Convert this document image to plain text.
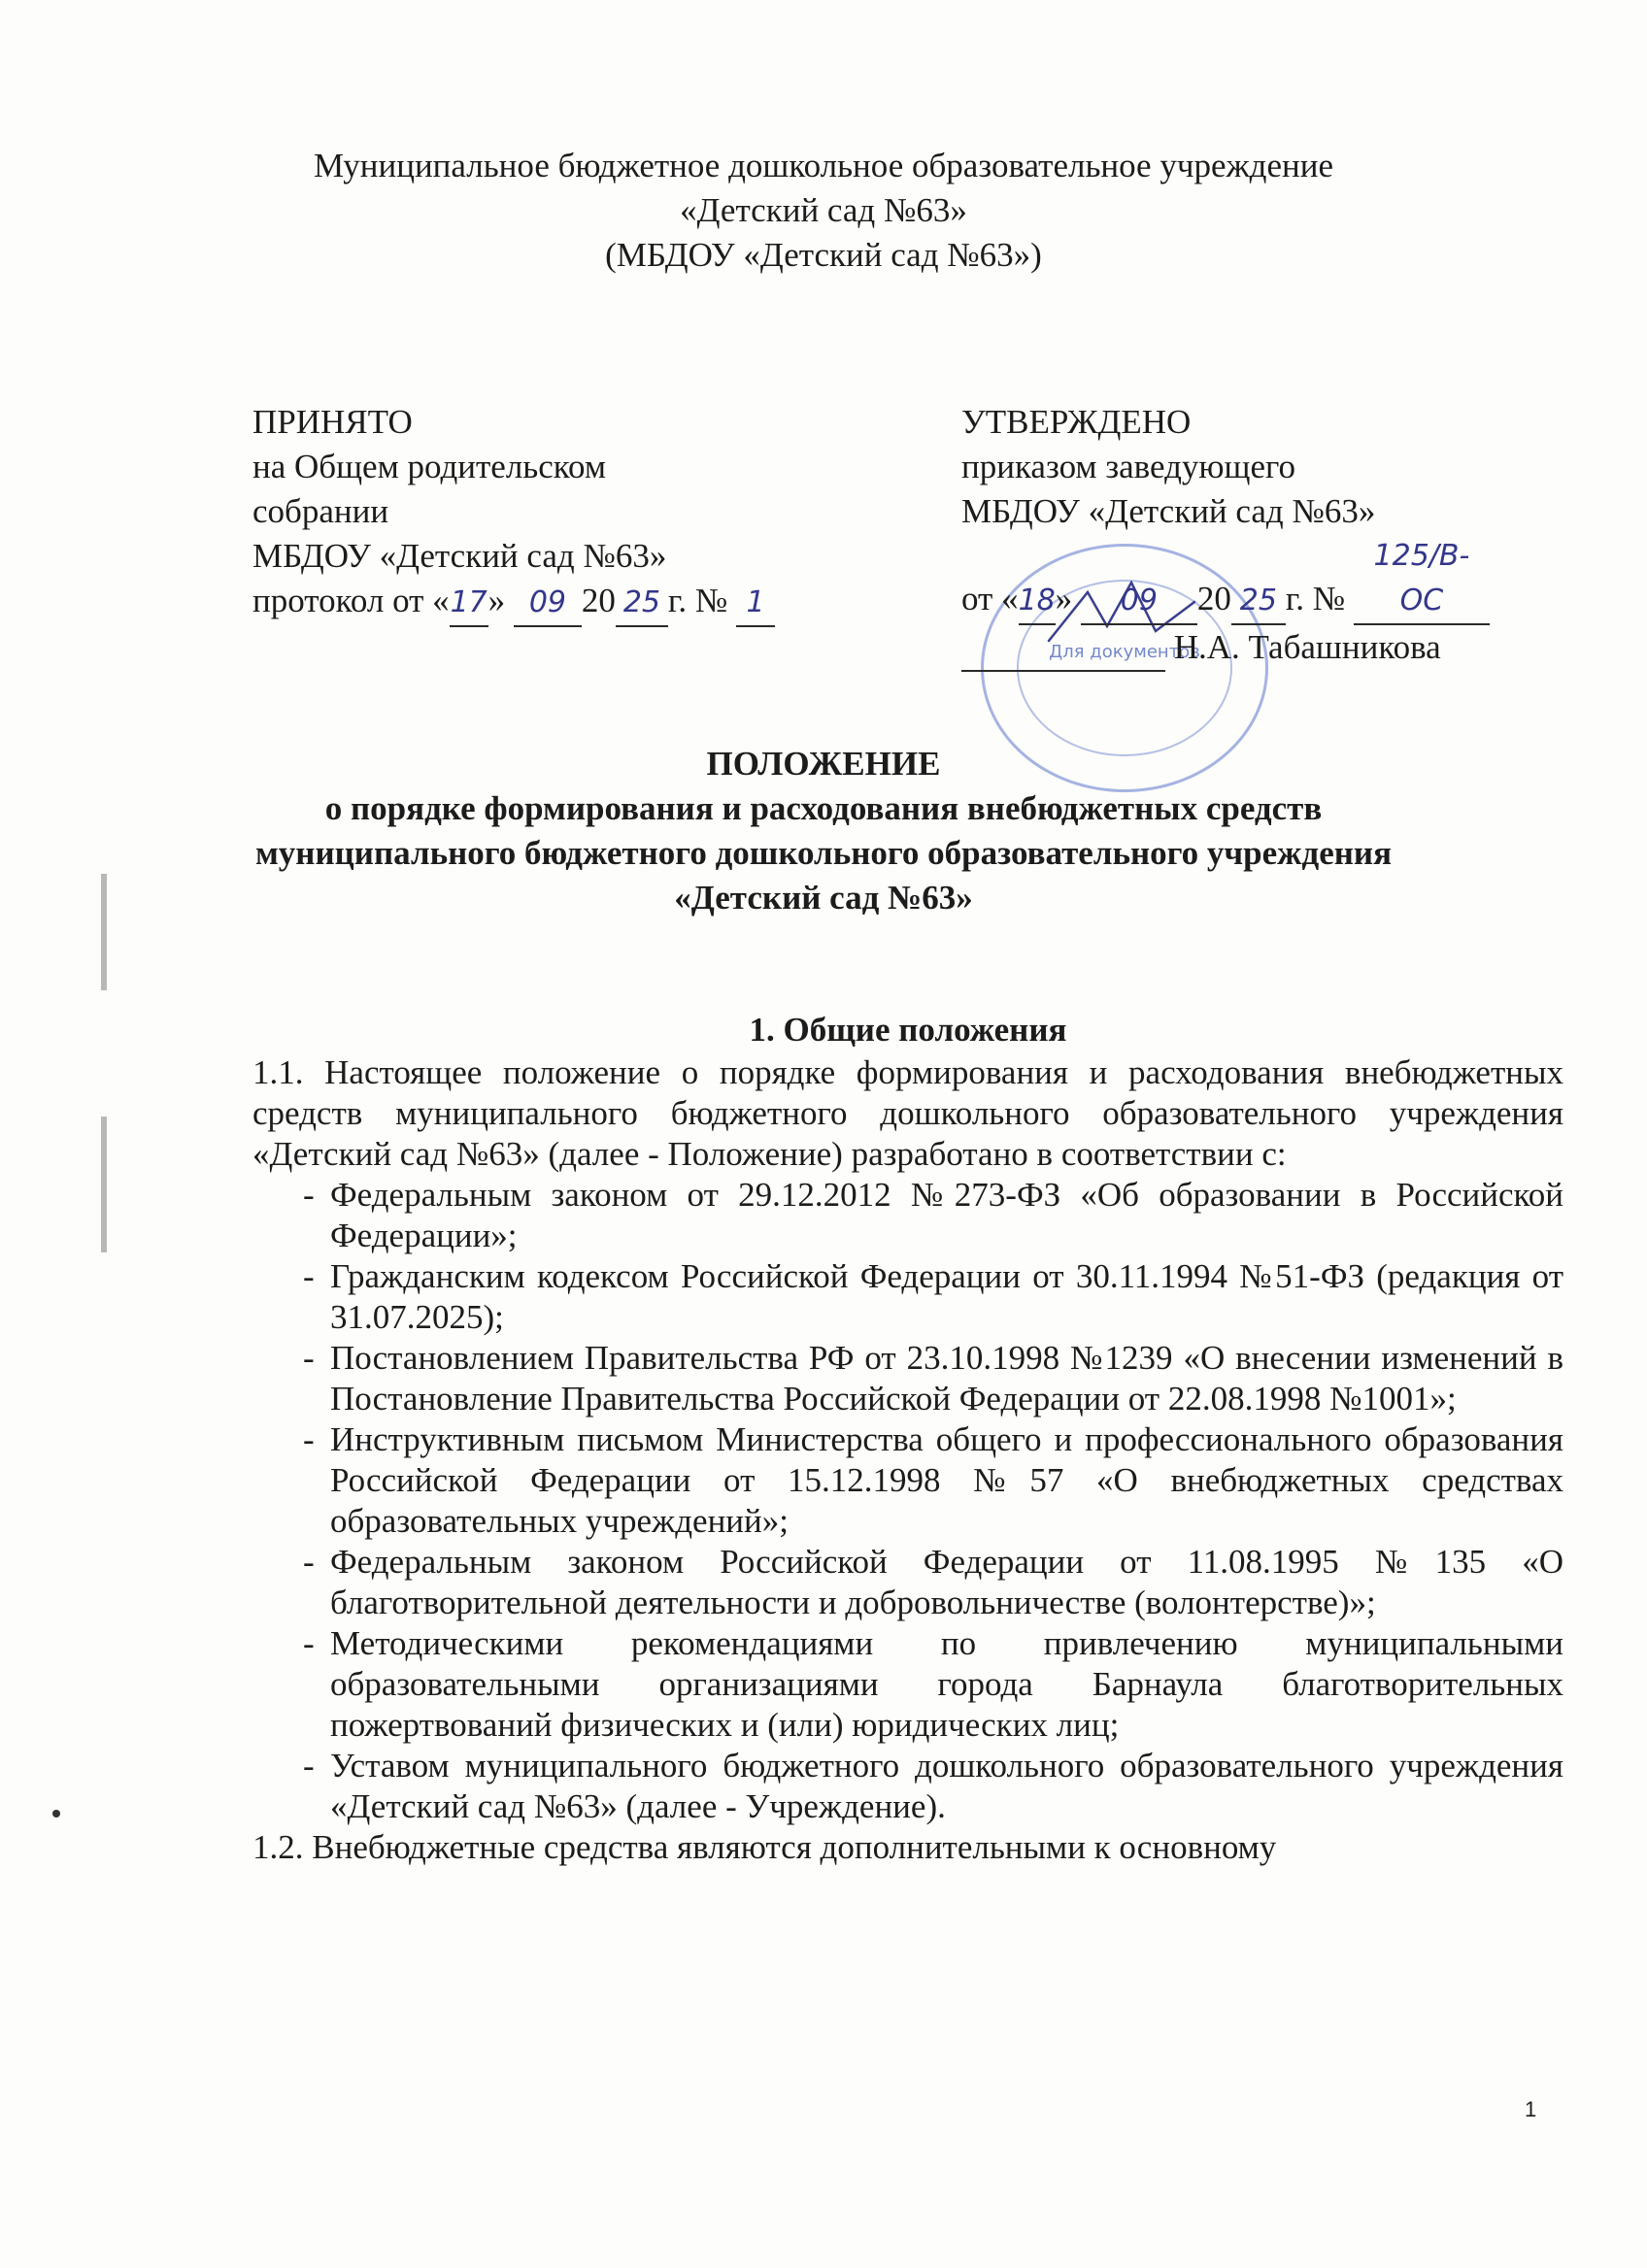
Муниципальное бюджетное дошкольное образовательное учреждение
«Детский сад №63»
(МБДОУ «Детский сад №63»)
ПРИНЯТО
на Общем родительском
собрании
МБДОУ «Детский сад №63»
протокол от «17» 09 20 25 г. № 1
Для документов
УТВЕРЖДЕНО
приказом заведующего
МБДОУ «Детский сад №63»
от «18» 09 20 25 г. № 125/В-ОС
Н.А. Табашникова
ПОЛОЖЕНИЕ
о порядке формирования и расходования внебюджетных средств
муниципального бюджетного дошкольного образовательного учреждения
«Детский сад №63»
1. Общие положения

1.1. Настоящее положение о порядке формирования и расходования внебюджетных средств муниципального бюджетного дошкольного образовательного учреждения «Детский сад №63» (далее - Положение) разработано в соответствии с:

- Федеральным законом от 29.12.2012 №273-ФЗ «Об образовании в Российской Федерации»;

- Гражданским кодексом Российской Федерации от 30.11.1994 №51-ФЗ (редакция от 31.07.2025);

- Постановлением Правительства РФ от 23.10.1998 №1239 «О внесении изменений в Постановление Правительства Российской Федерации от 22.08.1998 №1001»;

- Инструктивным письмом Министерства общего и профессионального образования Российской Федерации от 15.12.1998 №57 «О внебюджетных средствах образовательных учреждений»;

- Федеральным законом Российской Федерации от 11.08.1995 №135 «О благотворительной деятельности и добровольничестве (волонтерстве)»;

- Методическими рекомендациями по привлечению муниципальными образовательными организациями города Барнаула благотворительных пожертвований физических и (или) юридических лиц;

- Уставом муниципального бюджетного дошкольного образовательного учреждения «Детский сад №63» (далее - Учреждение).

1.2. Внебюджетные средства являются дополнительными к основному

1
